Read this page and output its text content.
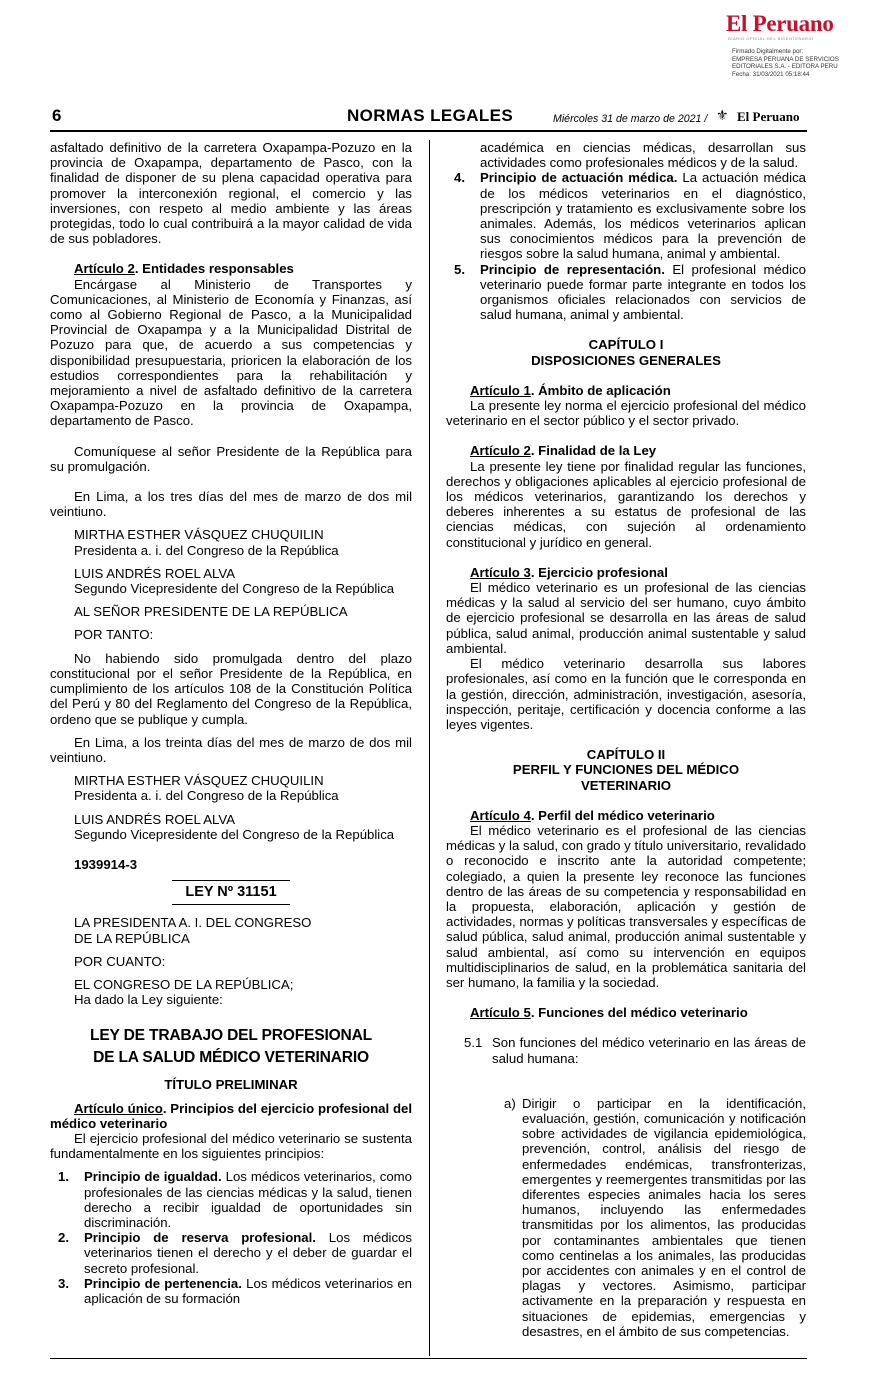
El Peruano
DIARIO OFICIAL DEL BICENTENARIO
Firmado Digitalmente por:
EMPRESA PERUANA DE SERVICIOS
EDITORIALES S.A. - EDITORA PERU
Fecha: 31/03/2021 05:18:44
6	NORMAS LEGALES	Miércoles 31 de marzo de 2021 / ⚜ El Peruano

asfaltado definitivo de la carretera Oxapampa-Pozuzo en la provincia de Oxapampa, departamento de Pasco, con la finalidad de disponer de su plena capacidad operativa para promover la interconexión regional, el comercio y las inversiones, con respeto al medio ambiente y las áreas protegidas, todo lo cual contribuirá a la mayor calidad de vida de sus pobladores.

Artículo 2. Entidades responsables

Encárgase al Ministerio de Transportes y Comunicaciones, al Ministerio de Economía y Finanzas, así como al Gobierno Regional de Pasco, a la Municipalidad Provincial de Oxapampa y a la Municipalidad Distrital de Pozuzo para que, de acuerdo a sus competencias y disponibilidad presupuestaria, prioricen la elaboración de los estudios correspondientes para la rehabilitación y mejoramiento a nivel de asfaltado definitivo de la carretera Oxapampa-Pozuzo en la provincia de Oxapampa, departamento de Pasco.

Comuníquese al señor Presidente de la República para su promulgación.

En Lima, a los tres días del mes de marzo de dos mil veintiuno.

MIRTHA ESTHER VÁSQUEZ CHUQUILIN
Presidenta a. i. del Congreso de la República
LUIS ANDRÉS ROEL ALVA
Segundo Vicepresidente del Congreso de la República
AL SEÑOR PRESIDENTE DE LA REPÚBLICA
POR TANTO:

No habiendo sido promulgada dentro del plazo constitucional por el señor Presidente de la República, en cumplimiento de los artículos 108 de la Constitución Política del Perú y 80 del Reglamento del Congreso de la República, ordeno que se publique y cumpla.

En Lima, a los treinta días del mes de marzo de dos mil veintiuno.

MIRTHA ESTHER VÁSQUEZ CHUQUILIN
Presidenta a. i. del Congreso de la República
LUIS ANDRÉS ROEL ALVA
Segundo Vicepresidente del Congreso de la República
1939914-3
LEY Nº 31151
LA PRESIDENTA A. I. DEL CONGRESO
DE LA REPÚBLICA
POR CUANTO:
EL CONGRESO DE LA REPÚBLICA;
Ha dado la Ley siguiente:
LEY DE TRABAJO DEL PROFESIONAL
DE LA SALUD MÉDICO VETERINARIO
TÍTULO PRELIMINAR

Artículo único. Principios del ejercicio profesional del médico veterinario

El ejercicio profesional del médico veterinario se sustenta fundamentalmente en los siguientes principios:

1.	Principio de igualdad. Los médicos veterinarios, como profesionales de las ciencias médicas y la salud, tienen derecho a recibir igualdad de oportunidades sin discriminación.
2.	Principio de reserva profesional. Los médicos veterinarios tienen el derecho y el deber de guardar el secreto profesional.
3.	Principio de pertenencia. Los médicos veterinarios en aplicación de su formación
académica en ciencias médicas, desarrollan sus actividades como profesionales médicos y de la salud.
4.	Principio de actuación médica. La actuación médica de los médicos veterinarios en el diagnóstico, prescripción y tratamiento es exclusivamente sobre los animales. Además, los médicos veterinarios aplican sus conocimientos médicos para la prevención de riesgos sobre la salud humana, animal y ambiental.
5.	Principio de representación. El profesional médico veterinario puede formar parte integrante en todos los organismos oficiales relacionados con servicios de salud humana, animal y ambiental.
CAPÍTULO I
DISPOSICIONES GENERALES

Artículo 1. Ámbito de aplicación

La presente ley norma el ejercicio profesional del médico veterinario en el sector público y el sector privado.

Artículo 2. Finalidad de la Ley

La presente ley tiene por finalidad regular las funciones, derechos y obligaciones aplicables al ejercicio profesional de los médicos veterinarios, garantizando los derechos y deberes inherentes a su estatus de profesional de las ciencias médicas, con sujeción al ordenamiento constitucional y jurídico en general.

Artículo 3. Ejercicio profesional

El médico veterinario es un profesional de las ciencias médicas y la salud al servicio del ser humano, cuyo ámbito de ejercicio profesional se desarrolla en las áreas de salud pública, salud animal, producción animal sustentable y salud ambiental.

El médico veterinario desarrolla sus labores profesionales, así como en la función que le corresponda en la gestión, dirección, administración, investigación, asesoría, inspección, peritaje, certificación y docencia conforme a las leyes vigentes.

CAPÍTULO II
PERFIL Y FUNCIONES DEL MÉDICO
VETERINARIO

Artículo 4. Perfil del médico veterinario

El médico veterinario es el profesional de las ciencias médicas y la salud, con grado y título universitario, revalidado o reconocido e inscrito ante la autoridad competente; colegiado, a quien la presente ley reconoce las funciones dentro de las áreas de su competencia y responsabilidad en la propuesta, elaboración, aplicación y gestión de actividades, normas y políticas transversales y específicas de salud pública, salud animal, producción animal sustentable y salud ambiental, así como su intervención en equipos multidisciplinarios de salud, en la problemática sanitaria del ser humano, la familia y la sociedad.

Artículo 5. Funciones del médico veterinario

5.1 Son funciones del médico veterinario en las áreas de salud humana:
a) Dirigir o participar en la identificación, evaluación, gestión, comunicación y notificación sobre actividades de vigilancia epidemiológica, prevención, control, análisis del riesgo de enfermedades endémicas, transfronterizas, emergentes y reemergentes transmitidas por las diferentes especies animales hacia los seres humanos, incluyendo las enfermedades transmitidas por los alimentos, las producidas por contaminantes ambientales que tienen como centinelas a los animales, las producidas por accidentes con animales y en el control de plagas y vectores. Asimismo, participar activamente en la preparación y respuesta en situaciones de epidemias, emergencias y desastres, en el ámbito de sus competencias.
